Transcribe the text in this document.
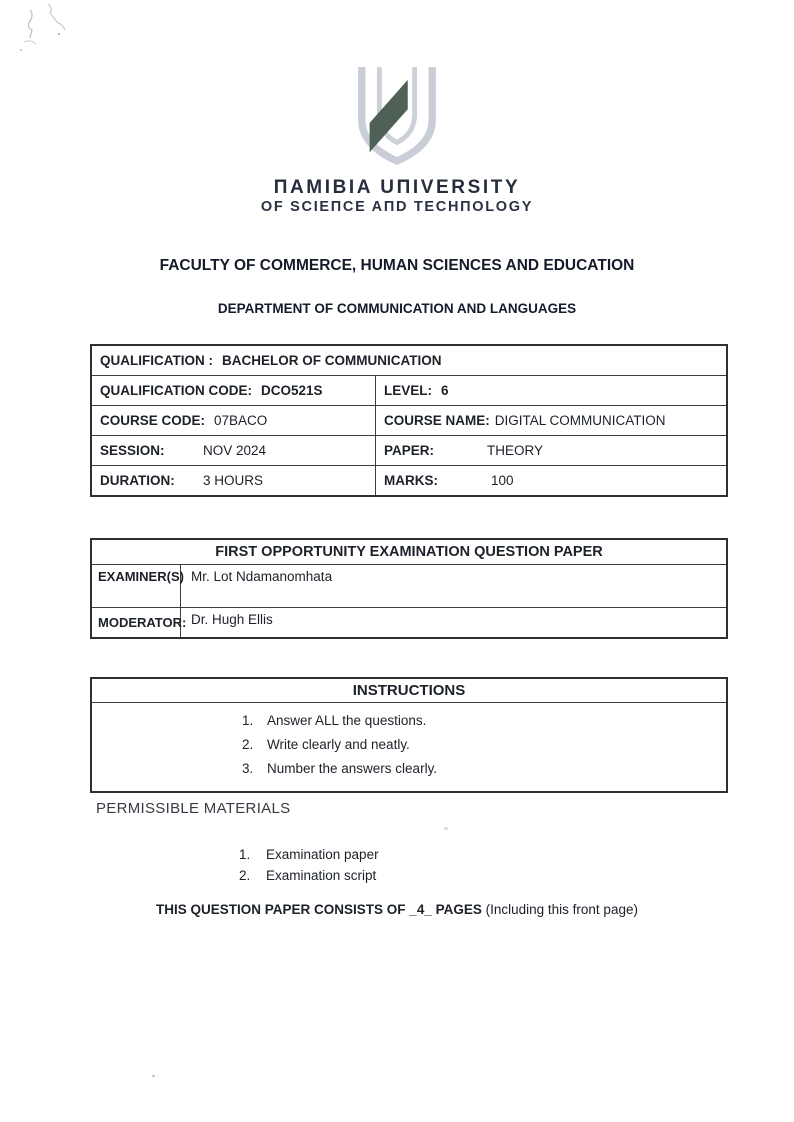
ПAMIBIA UПIVERSITY
OF SCIEПCE AПD TECHПOLOGY
FACULTY OF COMMERCE, HUMAN SCIENCES AND EDUCATION
DEPARTMENT OF COMMUNICATION AND LANGUAGES
QUALIFICATION : BACHELOR OF COMMUNICATION
QUALIFICATION CODE: DCO521S	LEVEL: 6
COURSE CODE: 07BACO	COURSE NAME: DIGITAL COMMUNICATION
SESSION:	NOV 2024	PAPER:	THEORY
DURATION:	3 HOURS	MARKS:	100
FIRST OPPORTUNITY EXAMINATION QUESTION PAPER
EXAMINER(S) Mr. Lot Ndamanomhata
MODERATOR: Dr. Hugh Ellis
INSTRUCTIONS
1. Answer ALL the questions.
2. Write clearly and neatly.
3. Number the answers clearly.
PERMISSIBLE MATERIALS
1. Examination paper
2. Examination script
THIS QUESTION PAPER CONSISTS OF _4_ PAGES (Including this front page)
